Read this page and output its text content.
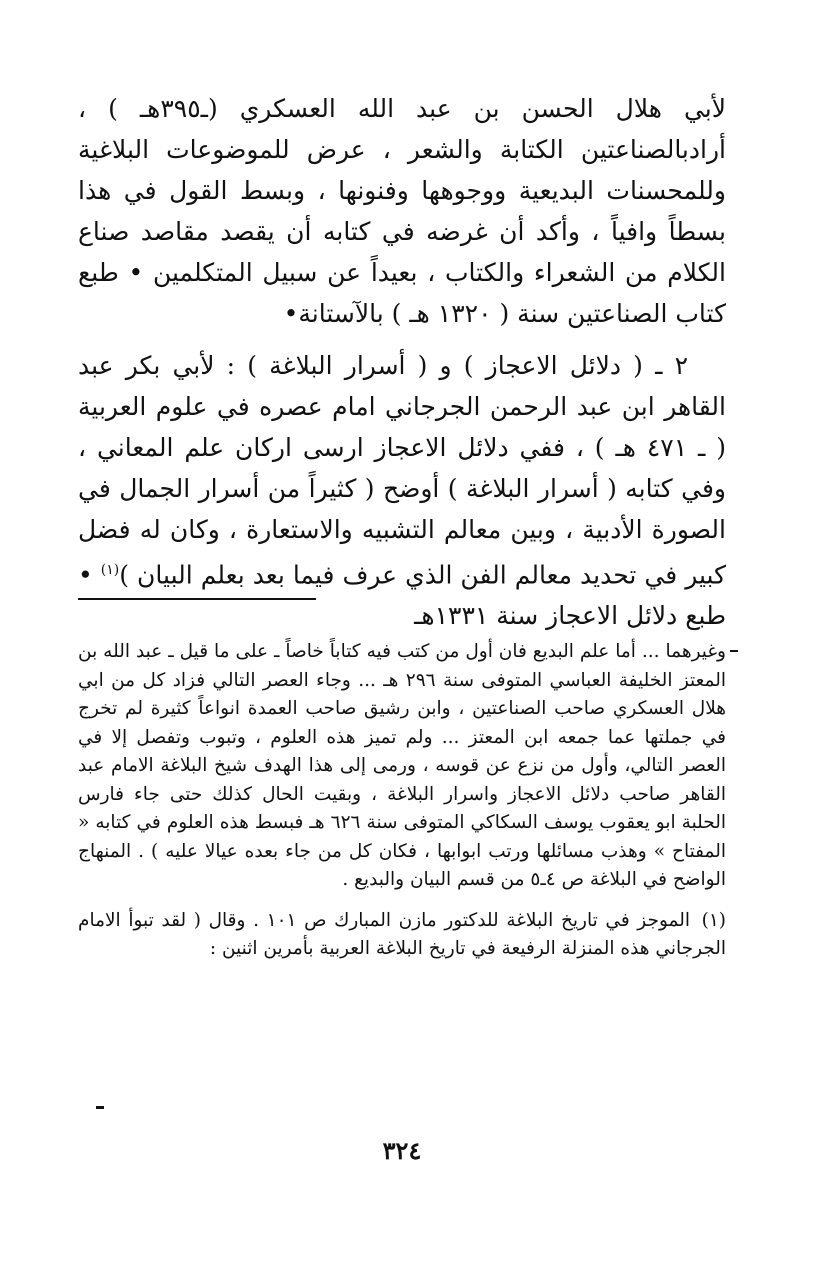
لأبي هلال الحسن بن عبد الله العسكري (ـ٣٩٥هـ ) ، أرادبالصناعتين الكتابة والشعر ، عرض للموضوعات البلاغية وللمحسنات البديعية ووجوهها وفنونها ، وبسط القول في هذا بسطاً وافياً ، وأكد أن غرضه في كتابه أن يقصد مقاصد صناع الكلام من الشعراء والكتاب ، بعيداً عن سبيل المتكلمين • طبع كتاب الصناعتين سنة ( ١٣٢٠ هـ ) بالآستانة•

٢ ـ ( دلائل الاعجاز ) و ( أسرار البلاغة ) : لأبي بكر عبد القاهر ابن عبد الرحمن الجرجاني امام عصره في علوم العربية ( ـ ٤٧١ هـ ) ، ففي دلائل الاعجاز ارسى اركان علم المعاني ، وفي كتابه ( أسرار البلاغة ) أوضح ( كثيراً من أسرار الجمال في الصورة الأدبية ، وبين معالم التشبيه والاستعارة ، وكان له فضل كبير في تحديد معالم الفن الذي عرف فيما بعد بعلم البيان )$^{(١)}$ • طبع دلائل الاعجاز سنة ١٣٣١هـ

وغيرهما ... أما علم البديع فان أول من كتب فيه كتاباً خاصاً ـ على ما قيل ـ عبد الله بن المعتز الخليفة العباسي المتوفى سنة ٢٩٦ هـ ... وجاء العصر التالي فزاد كل من ابي هلال العسكري صاحب الصناعتين ، وابن رشيق صاحب العمدة انواعاً كثيرة لم تخرج في جملتها عما جمعه ابن المعتز ... ولم تميز هذه العلوم ، وتبوب وتفصل إلا في العصر التالي، وأول من نزع عن قوسه ، ورمى إلى هذا الهدف شيخ البلاغة الامام عبد القاهر صاحب دلائل الاعجاز واسرار البلاغة ، وبقيت الحال كذلك حتى جاء فارس الحلبة ابو يعقوب يوسف السكاكي المتوفى سنة ٦٢٦ هـ فبسط هذه العلوم في كتابه « المفتاح » وهذب مسائلها ورتب ابوابها ، فكان كل من جاء بعده عيالا عليه ) . المنهاج الواضح في البلاغة ص ٤ـ٥ من قسم البيان والبديع .

(١) الموجز في تاريخ البلاغة للدكتور مازن المبارك ص ١٠١ . وقال ( لقد تبوأ الامام الجرجاني هذه المنزلة الرفيعة في تاريخ البلاغة العربية بأمرين اثنين :

٣٢٤
